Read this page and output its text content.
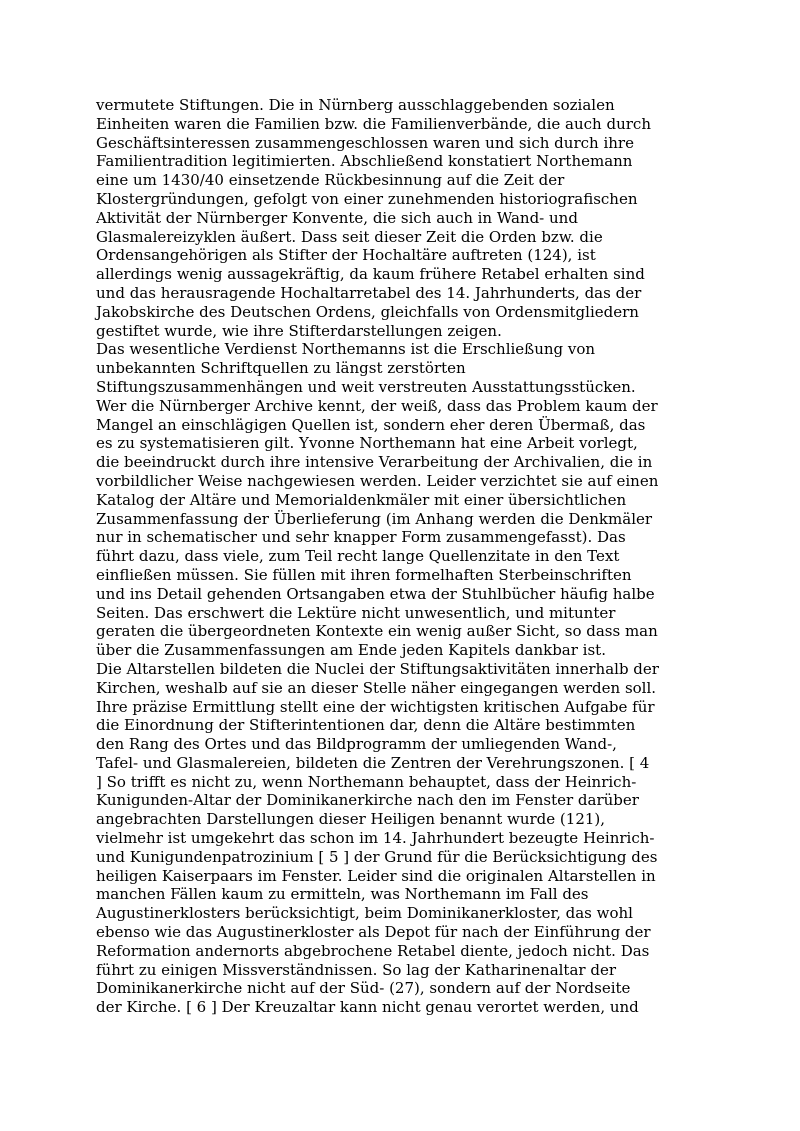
vermutete Stiftungen. Die in Nürnberg ausschlaggebenden sozialen
Einheiten waren die Familien bzw. die Familienverbände, die auch durch
Geschäftsinteressen zusammengeschlossen waren und sich durch ihre
Familientradition legitimierten. Abschließend konstatiert Northemann
eine um 1430/40 einsetzende Rückbesinnung auf die Zeit der
Klostergründungen, gefolgt von einer zunehmenden historiografischen
Aktivität der Nürnberger Konvente, die sich auch in Wand- und
Glasmalereizyklen äußert. Dass seit dieser Zeit die Orden bzw. die
Ordensangehörigen als Stifter der Hochaltäre auftreten (124), ist
allerdings wenig aussagekräftig, da kaum frühere Retabel erhalten sind
und das herausragende Hochaltarretabel des 14. Jahrhunderts, das der
Jakobskirche des Deutschen Ordens, gleichfalls von Ordensmitgliedern
gestiftet wurde, wie ihre Stifterdarstellungen zeigen.

Das wesentliche Verdienst Northemanns ist die Erschließung von
unbekannten Schriftquellen zu längst zerstörten
Stiftungszusammenhängen und weit verstreuten Ausstattungsstücken.
Wer die Nürnberger Archive kennt, der weiß, dass das Problem kaum der
Mangel an einschlägigen Quellen ist, sondern eher deren Übermaß, das
es zu systematisieren gilt. Yvonne Northemann hat eine Arbeit vorlegt,
die beeindruckt durch ihre intensive Verarbeitung der Archivalien, die in
vorbildlicher Weise nachgewiesen werden. Leider verzichtet sie auf einen
Katalog der Altäre und Memorialdenkmäler mit einer übersichtlichen
Zusammenfassung der Überlieferung (im Anhang werden die Denkmäler
nur in schematischer und sehr knapper Form zusammengefasst). Das
führt dazu, dass viele, zum Teil recht lange Quellenzitate in den Text
einfließen müssen. Sie füllen mit ihren formelhaften Sterbeinschriften
und ins Detail gehenden Ortsangaben etwa der Stuhlbücher häufig halbe
Seiten. Das erschwert die Lektüre nicht unwesentlich, und mitunter
geraten die übergeordneten Kontexte ein wenig außer Sicht, so dass man
über die Zusammenfassungen am Ende jeden Kapitels dankbar ist.

Die Altarstellen bildeten die Nuclei der Stiftungsaktivitäten innerhalb der
Kirchen, weshalb auf sie an dieser Stelle näher eingegangen werden soll.
Ihre präzise Ermittlung stellt eine der wichtigsten kritischen Aufgabe für
die Einordnung der Stifterintentionen dar, denn die Altäre bestimmten
den Rang des Ortes und das Bildprogramm der umliegenden Wand-,
Tafel- und Glasmalereien, bildeten die Zentren der Verehrungszonen. [ 4
] So trifft es nicht zu, wenn Northemann behauptet, dass der Heinrich-
Kunigunden-Altar der Dominikanerkirche nach den im Fenster darüber
angebrachten Darstellungen dieser Heiligen benannt wurde (121),
vielmehr ist umgekehrt das schon im 14. Jahrhundert bezeugte Heinrich-
und Kunigundenpatrozinium [ 5 ] der Grund für die Berücksichtigung des
heiligen Kaiserpaars im Fenster. Leider sind die originalen Altarstellen in
manchen Fällen kaum zu ermitteln, was Northemann im Fall des
Augustinerklosters berücksichtigt, beim Dominikanerkloster, das wohl
ebenso wie das Augustinerkloster als Depot für nach der Einführung der
Reformation andernorts abgebrochene Retabel diente, jedoch nicht. Das
führt zu einigen Missverständnissen. So lag der Katharinenaltar der
Dominikanerkirche nicht auf der Süd- (27), sondern auf der Nordseite
der Kirche. [ 6 ] Der Kreuzaltar kann nicht genau verortet werden, und
